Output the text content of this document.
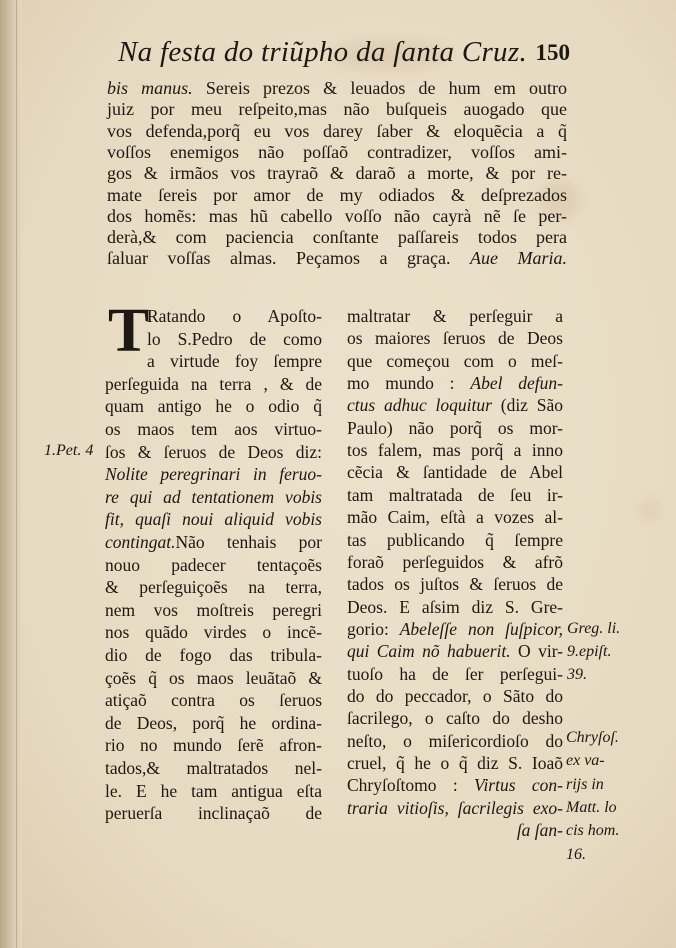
Na festa do triũpho da ſanta Cruz. 150
bis manus. Sereis prezos & leuados de hum em outro
juiz por meu reſpeito,mas não buſqueis auogado que
vos defenda,porq̃ eu vos darey ſaber & eloquẽcia a q̃
voſſos enemigos não poſſaõ contradizer, voſſos ami-
gos & irmãos vos trayraõ & daraõ a morte, & por re-
mate ſereis por amor de my odiados & deſprezados
dos homẽs: mas hũ cabello voſſo não cayrà nẽ ſe per-
derà,& com paciencia conſtante paſſareis todos pera
ſaluar voſſas almas. Peçamos a graça. Aue Maria.
T
Ratando o Apoſto-
lo S.Pedro de como
a virtude foy ſempre
perſeguida na terra , & de
quam antigo he o odio q̃
os maos tem aos virtuo-
ſos & ſeruos de Deos diz:
Nolite peregrinari in feruo-
re qui ad tentationem vobis
fit, quaſi noui aliquid vobis
contingat.Não tenhais por
nouo padecer tentaçoẽs
& perſeguiçoẽs na terra,
nem vos moſtreis peregri
nos quãdo virdes o incẽ-
dio de fogo das tribula-
çoẽs q̃ os maos leuãtaõ &
atiçaõ contra os ſeruos
de Deos, porq̃ he ordina-
rio no mundo ſerẽ afron-
tados,& maltratados nel-
le. E he tam antigua eſta
peruerſa inclinaçaõ de
maltratar & perſeguir a
os maiores ſeruos de Deos
que começou com o meſ-
mo mundo : Abel defun-
ctus adhuc loquitur (diz São
Paulo) não porq̃ os mor-
tos falem, mas porq̃ a inno
cẽcia & ſantidade de Abel
tam maltratada de ſeu ir-
mão Caim, eſtà a vozes al-
tas publicando q̃ ſempre
foraõ perſeguidos & afrõ
tados os juſtos & ſeruos de
Deos. E aſsim diz S. Gre-
gorio: Abeleſſe non ſuſpicor,
qui Caim nõ habuerit. O vir-
tuoſo ha de ſer perſegui-
do do peccador, o Sãto do
ſacrilego, o caſto do desho
neſto, o miſericordioſo do
cruel, q̃ he o q̃ diz S. Ioaõ
Chryſoſtomo : Virtus con-
traria vitioſis, ſacrilegis exo-
ſa ſan-
1.Pet. 4
Greg. li.
9.epiſt.
39.
Chryſoſ.
ex va-
rijs in
Matt. lo
cis hom.
16.
